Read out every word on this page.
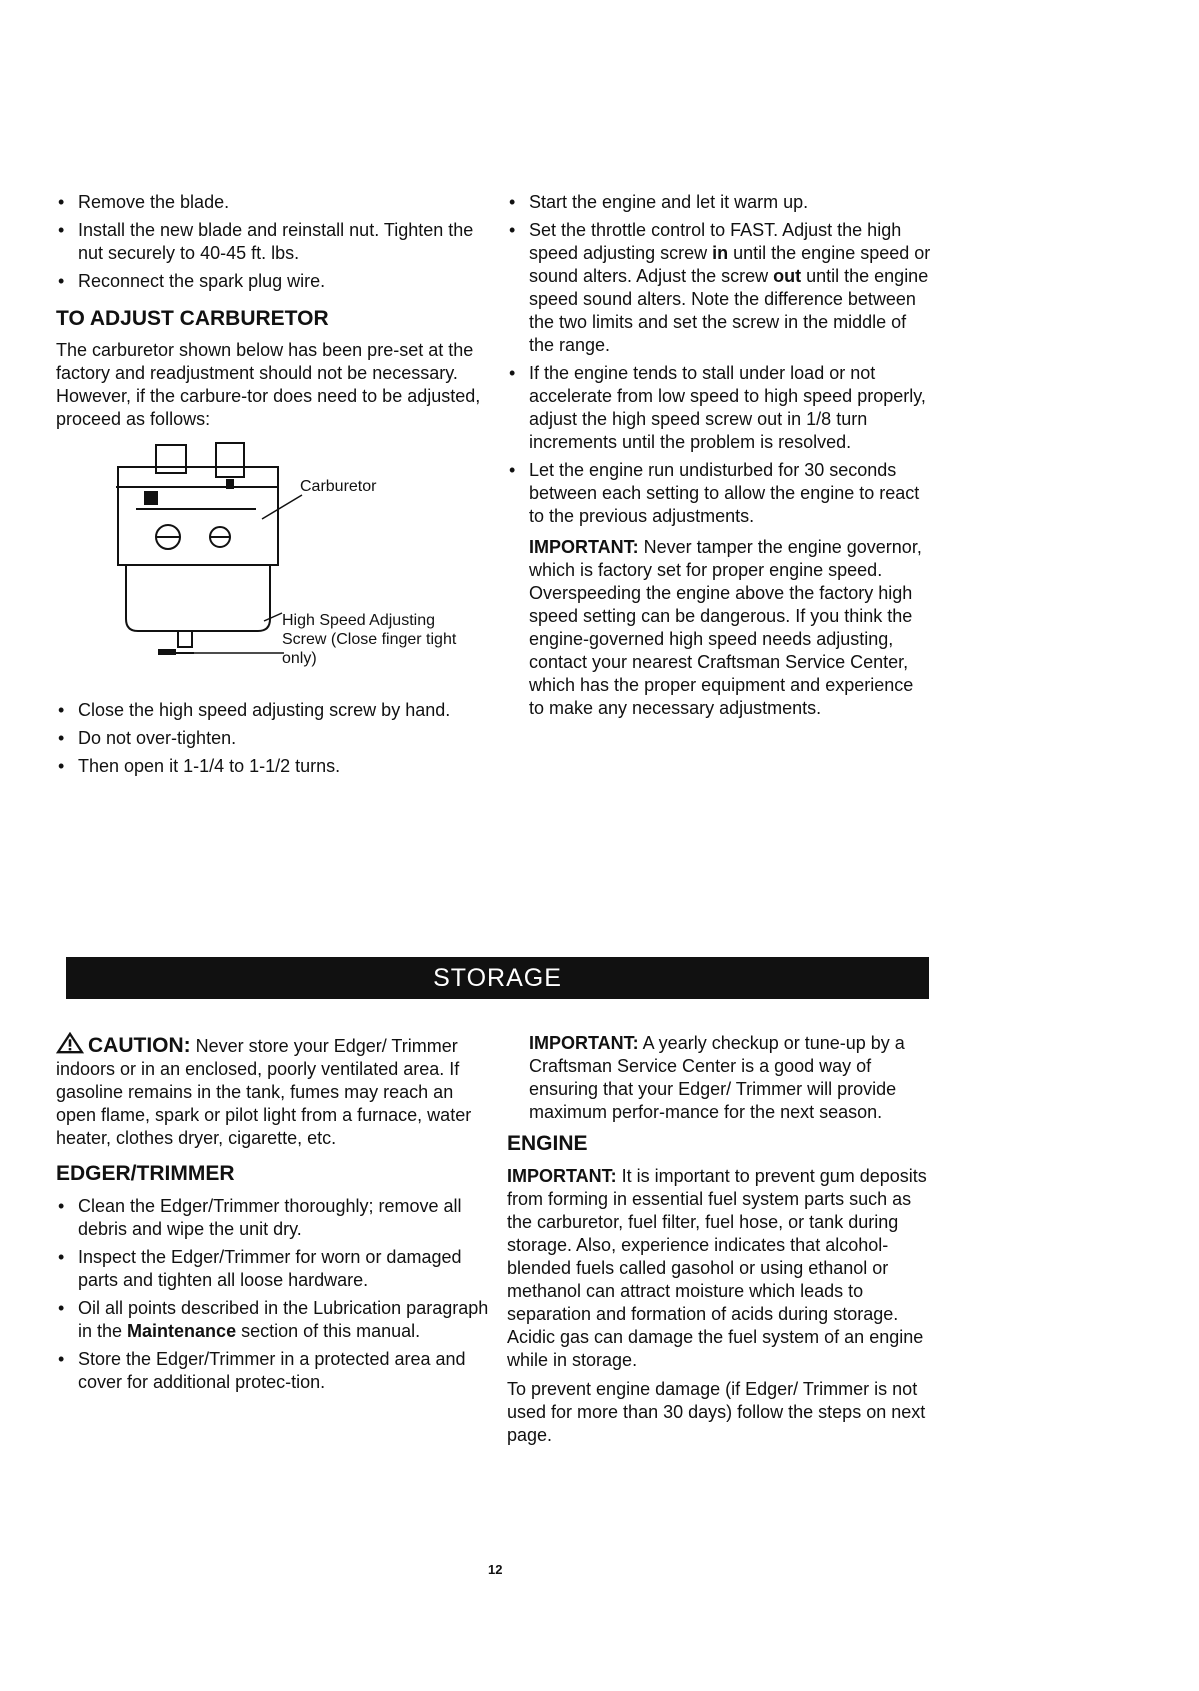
• Remove the blade.
• Install the new blade and reinstall nut. Tighten the nut securely to 40-45 ft. lbs.
• Reconnect the spark plug wire.
TO ADJUST CARBURETOR

The carburetor shown below has been pre-set at the factory and readjustment should not be necessary. However, if the carbure-tor does need to be adjusted, proceed as follows:

Carburetor
High Speed Adjusting Screw (Close finger tight only)
• Close the high speed adjusting screw by hand.
• Do not over-tighten.
• Then open it 1-1/4 to 1-1/2 turns.
• Start the engine and let it warm up.
• Set the throttle control to FAST. Adjust the high speed adjusting screw in until the engine speed or sound alters. Adjust the screw out until the engine speed sound alters. Note the difference between the two limits and set the screw in the middle of the range.
• If the engine tends to stall under load or not accelerate from low speed to high speed properly, adjust the high speed screw out in 1/8 turn increments until the problem is resolved.
• Let the engine run undisturbed for 30 seconds between each setting to allow the engine to react to the previous adjustments.

IMPORTANT: Never tamper the engine governor, which is factory set for proper engine speed. Overspeeding the engine above the factory high speed setting can be dangerous. If you think the engine-governed high speed needs adjusting, contact your nearest Craftsman Service Center, which has the proper equipment and experience to make any necessary adjustments.

STORAGE

CAUTION: Never store your Edger/ Trimmer indoors or in an enclosed, poorly ventilated area. If gasoline remains in the tank, fumes may reach an open flame, spark or pilot light from a furnace, water heater, clothes dryer, cigarette, etc.

EDGER/TRIMMER
• Clean the Edger/Trimmer thoroughly; remove all debris and wipe the unit dry.
• Inspect the Edger/Trimmer for worn or damaged parts and tighten all loose hardware.
• Oil all points described in the Lubrication paragraph in the Maintenance section of this manual.
• Store the Edger/Trimmer in a protected area and cover for additional protec-tion.

IMPORTANT: A yearly checkup or tune-up by a Craftsman Service Center is a good way of ensuring that your Edger/ Trimmer will provide maximum perfor-mance for the next season.

ENGINE

IMPORTANT: It is important to prevent gum deposits from forming in essential fuel system parts such as the carburetor, fuel filter, fuel hose, or tank during storage. Also, experience indicates that alcohol-blended fuels called gasohol or using ethanol or methanol can attract moisture which leads to separation and formation of acids during storage. Acidic gas can damage the fuel system of an engine while in storage.

To prevent engine damage (if Edger/ Trimmer is not used for more than 30 days) follow the steps on next page.

12
